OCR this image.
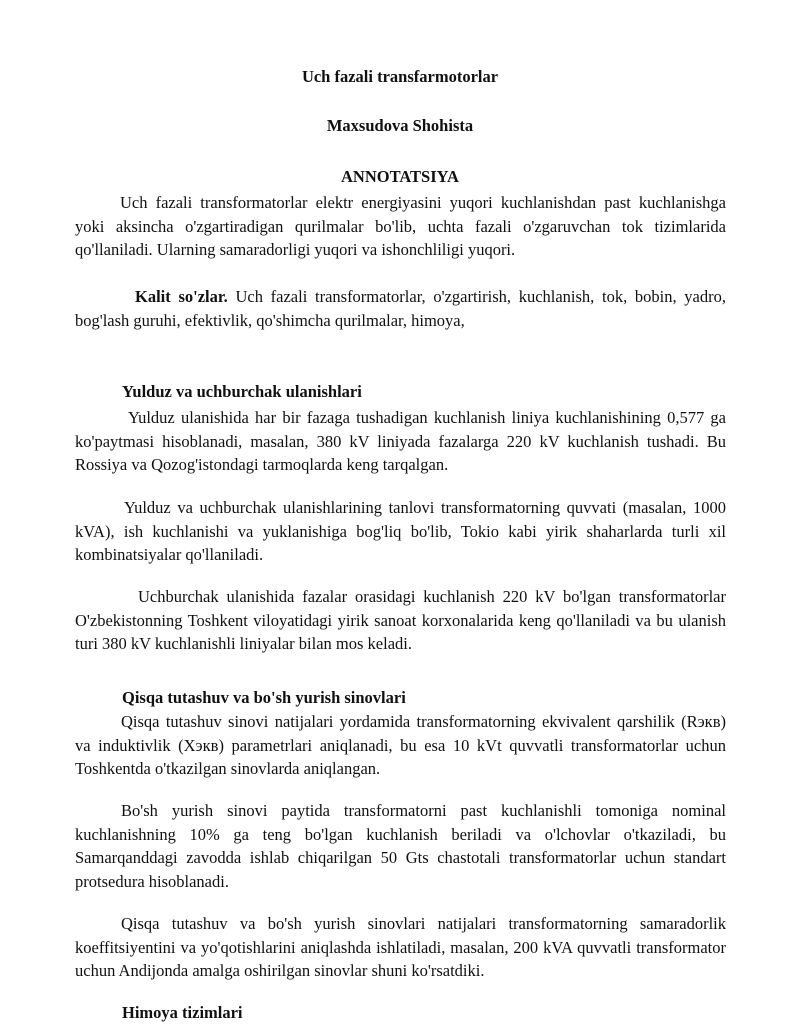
Uch fazali transfarmotorlar
Maxsudova Shohista
ANNOTATSIYA
Uch fazali transformatorlar elektr energiyasini yuqori kuchlanishdan past kuchlanishga yoki aksincha o'zgartiradigan qurilmalar bo'lib, uchta fazali o'zgaruvchan tok tizimlarida qo'llaniladi. Ularning samaradorligi yuqori va ishonchliligi yuqori.
Kalit so'zlar. Uch fazali transformatorlar, o'zgartirish, kuchlanish, tok, bobin, yadro, bog'lash guruhi, efektivlik, qo'shimcha qurilmalar, himoya,
Yulduz va uchburchak ulanishlari
Yulduz ulanishida har bir fazaga tushadigan kuchlanish liniya kuchlanishining 0,577 ga ko'paytmasi hisoblanadi, masalan, 380 kV liniyada fazalarga 220 kV kuchlanish tushadi. Bu Rossiya va Qozog'istondagi tarmoqlarda keng tarqalgan.
Yulduz va uchburchak ulanishlarining tanlovi transformatorning quvvati (masalan, 1000 kVA), ish kuchlanishi va yuklanishiga bog'liq bo'lib, Tokio kabi yirik shaharlarda turli xil kombinatsiyalar qo'llaniladi.
Uchburchak ulanishida fazalar orasidagi kuchlanish 220 kV bo'lgan transformatorlar O'zbekistonning Toshkent viloyatidagi yirik sanoat korxonalarida keng qo'llaniladi va bu ulanish turi 380 kV kuchlanishli liniyalar bilan mos keladi.
Qisqa tutashuv va bo'sh yurish sinovlari
Qisqa tutashuv sinovi natijalari yordamida transformatorning ekvivalent qarshilik (Rэкв) va induktivlik (Xэкв) parametrlari aniqlanadi, bu esa 10 kVt quvvatli transformatorlar uchun Toshkentda o'tkazilgan sinovlarda aniqlangan.
Bo'sh yurish sinovi paytida transformatorni past kuchlanishli tomoniga nominal kuchlanishning 10% ga teng bo'lgan kuchlanish beriladi va o'lchovlar o'tkaziladi, bu Samarqanddagi zavodda ishlab chiqarilgan 50 Gts chastotali transformatorlar uchun standart protsedura hisoblanadi.
Qisqa tutashuv va bo'sh yurish sinovlari natijalari transformatorning samaradorlik koeffitsiyentini va yo'qotishlarini aniqlashda ishlatiladi, masalan, 200 kVA quvvatli transformator uchun Andijonda amalga oshirilgan sinovlar shuni ko'rsatdiki.
Himoya tizimlari
